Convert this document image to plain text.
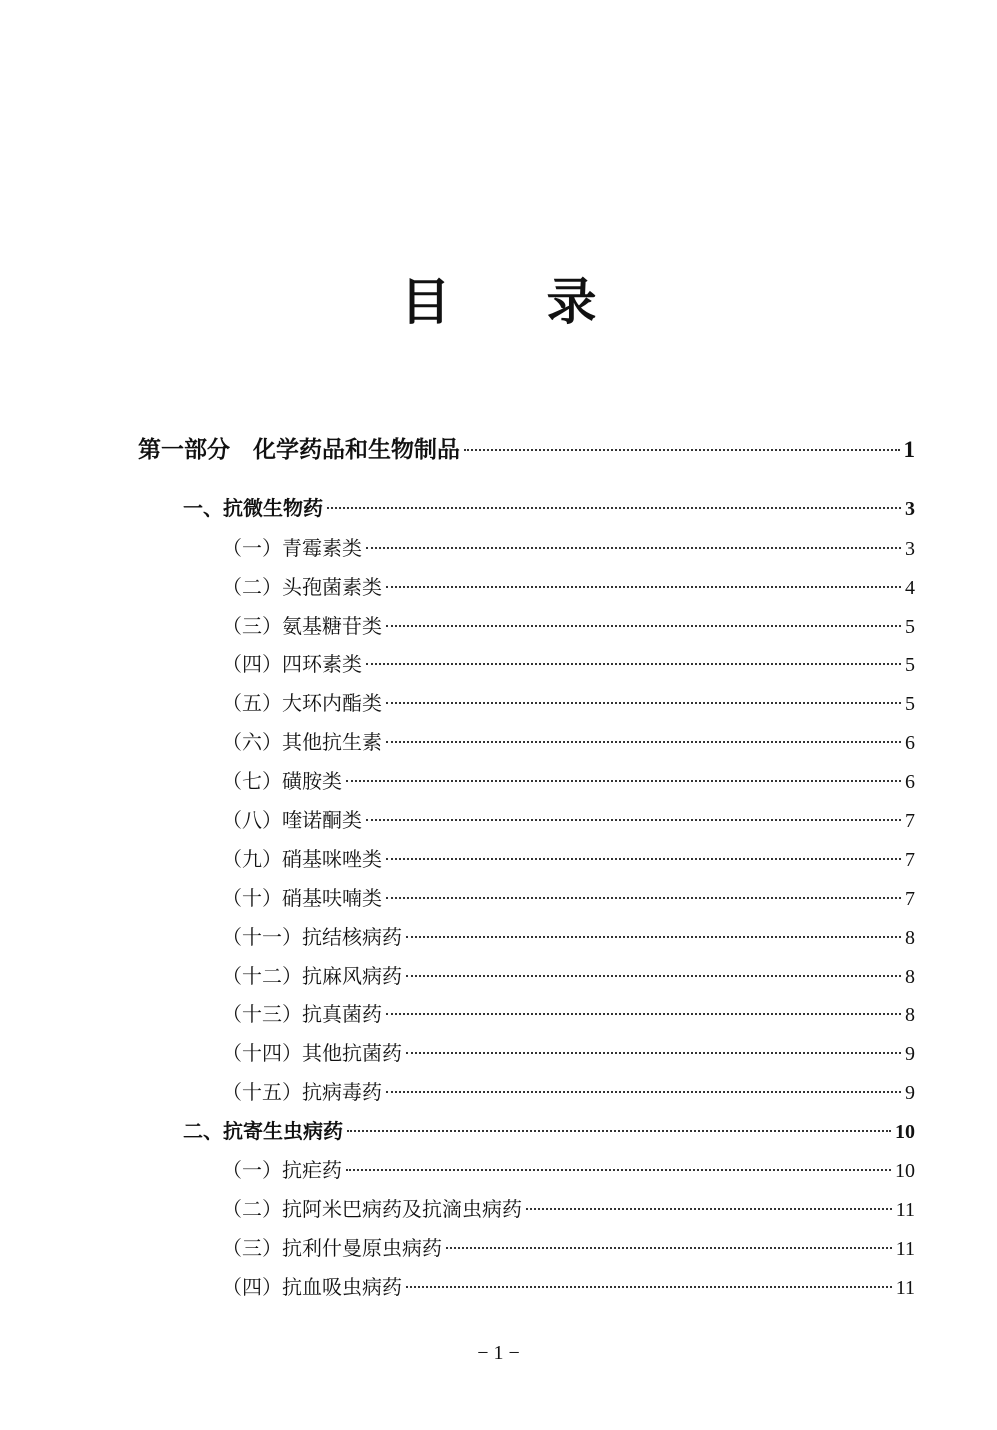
目 录
第一部分　化学药品和生物制品	1
一、抗微生物药	3
（一）青霉素类	3
（二）头孢菌素类	4
（三）氨基糖苷类	5
（四）四环素类	5
（五）大环内酯类	5
（六）其他抗生素	6
（七）磺胺类	6
（八）喹诺酮类	7
（九）硝基咪唑类	7
（十）硝基呋喃类	7
（十一）抗结核病药	8
（十二）抗麻风病药	8
（十三）抗真菌药	8
（十四）其他抗菌药	9
（十五）抗病毒药	9
二、抗寄生虫病药	10
（一）抗疟药	10
（二）抗阿米巴病药及抗滴虫病药	11
（三）抗利什曼原虫病药	11
（四）抗血吸虫病药	11
− 1 −
